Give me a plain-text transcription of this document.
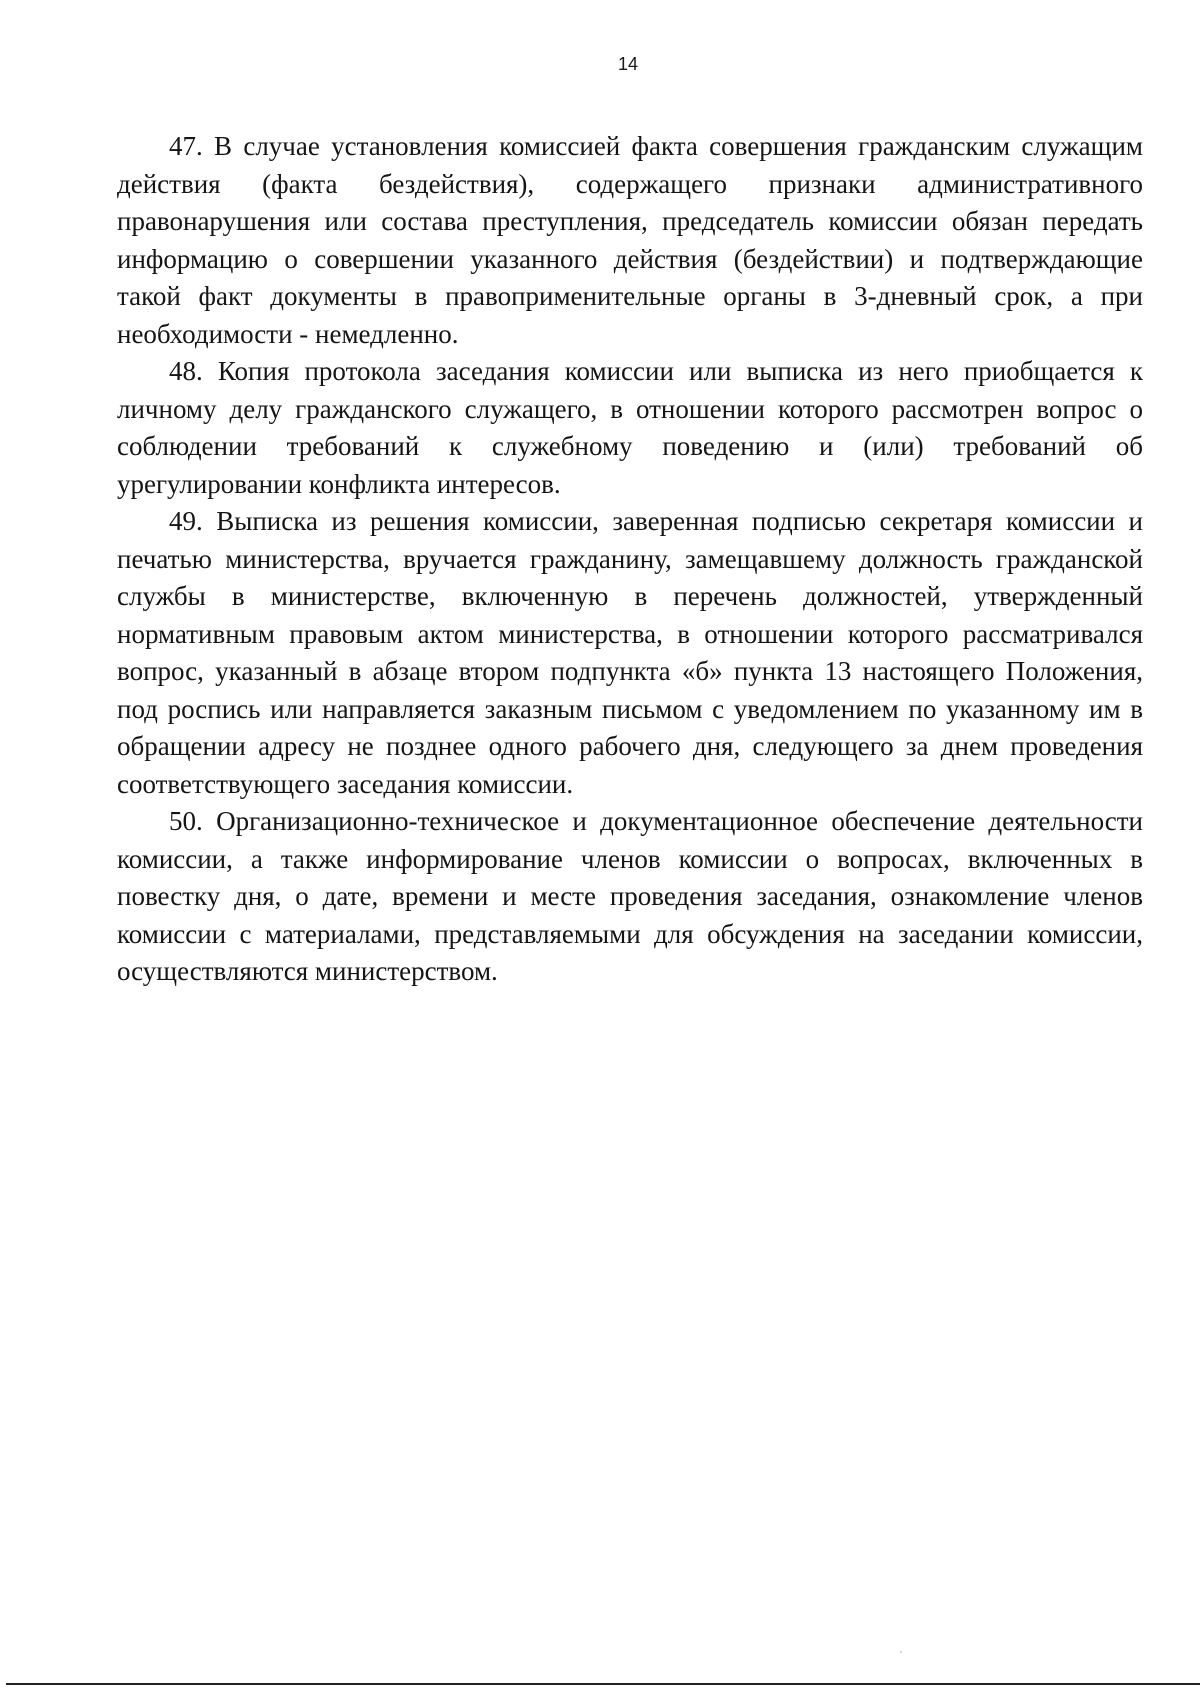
14

47. В случае установления комиссией факта совершения гражданским служащим действия (факта бездействия), содержащего признаки административного правонарушения или состава преступления, председатель комиссии обязан передать информацию о совершении указанного действия (бездействии) и подтверждающие такой факт документы в правоприменительные органы в 3-дневный срок, а при необходимости - немедленно.

48. Копия протокола заседания комиссии или выписка из него приобщается к личному делу гражданского служащего, в отношении которого рассмотрен вопрос о соблюдении требований к служебному поведению и (или) требований об урегулировании конфликта интересов.

49. Выписка из решения комиссии, заверенная подписью секретаря комиссии и печатью министерства, вручается гражданину, замещавшему должность гражданской службы в министерстве, включенную в перечень должностей, утвержденный нормативным правовым актом министерства, в отношении которого рассматривался вопрос, указанный в абзаце втором подпункта «б» пункта 13 настоящего Положения, под роспись или направляется заказным письмом с уведомлением по указанному им в обращении адресу не позднее одного рабочего дня, следующего за днем проведения соответствующего заседания комиссии.

50. Организационно-техническое и документационное обеспечение деятельности комиссии, а также информирование членов комиссии о вопросах, включенных в повестку дня, о дате, времени и месте проведения заседания, ознакомление членов комиссии с материалами, представляемыми для обсуждения на заседании комиссии, осуществляются министерством.
